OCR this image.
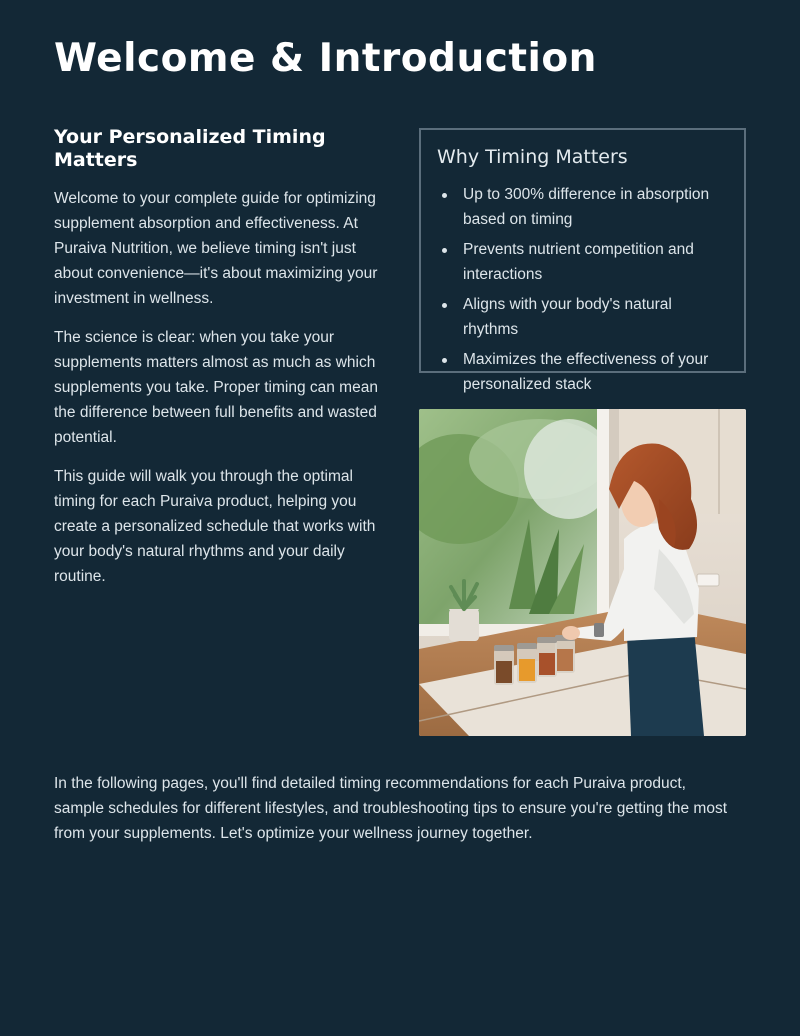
Welcome & Introduction
Your Personalized Timing Matters

Welcome to your complete guide for optimizing supplement absorption and effectiveness. At Puraiva Nutrition, we believe timing isn't just about convenience—it's about maximizing your investment in wellness.

The science is clear: when you take your supplements matters almost as much as which supplements you take. Proper timing can mean the difference between full benefits and wasted potential.

This guide will walk you through the optimal timing for each Puraiva product, helping you create a personalized schedule that works with your body's natural rhythms and your daily routine.

Why Timing Matters
Up to 300% difference in absorption based on timing
Prevents nutrient competition and interactions
Aligns with your body's natural rhythms
Maximizes the effectiveness of your personalized stack

In the following pages, you'll find detailed timing recommendations for each Puraiva product, sample schedules for different lifestyles, and troubleshooting tips to ensure you're getting the most from your supplements. Let's optimize your wellness journey together.
